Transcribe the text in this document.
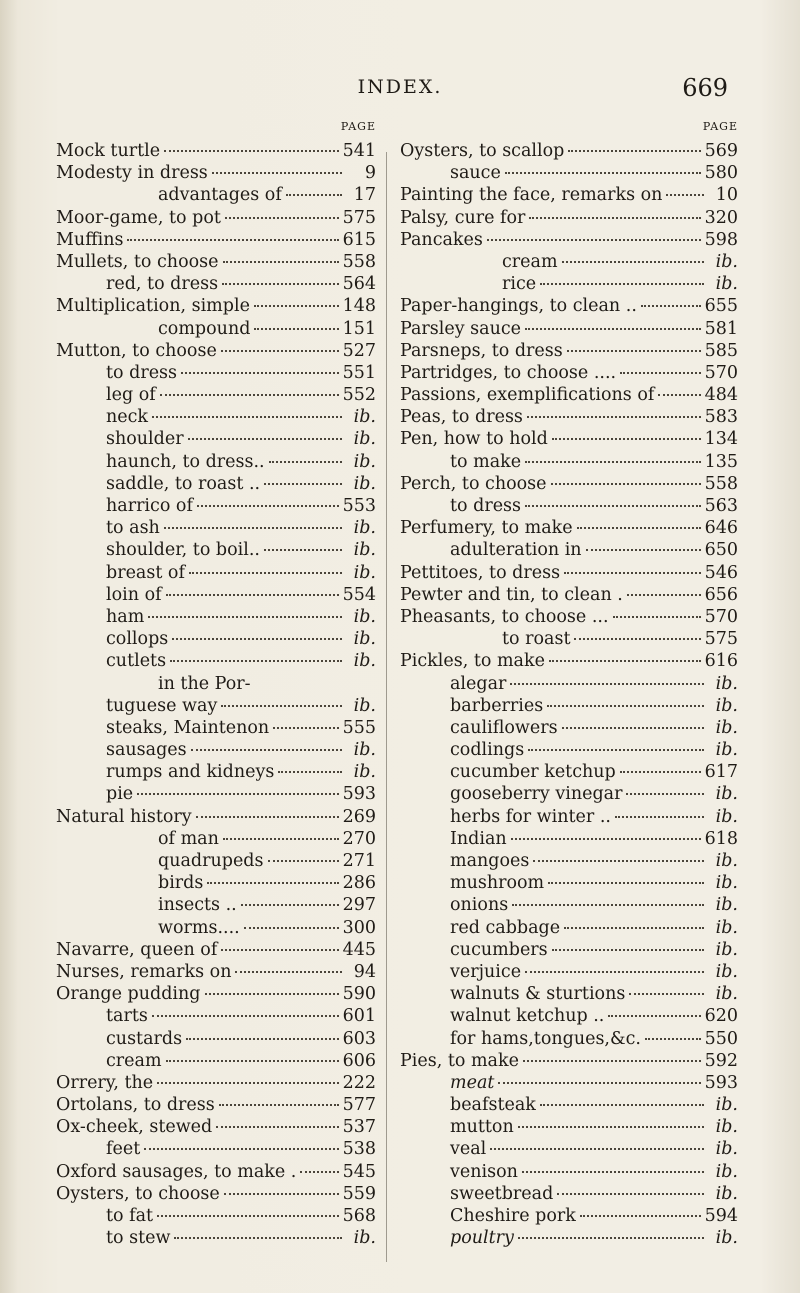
INDEX.	669
PAGE
Mock turtle	541
Modesty in dress	9
advantages of	17
Moor-game, to pot	575
Muffins	615
Mullets, to choose	558
red, to dress	564
Multiplication, simple	148
compound	151
Mutton, to choose	527
to dress	551
leg of	552
neck	ib.
shoulder	ib.
haunch, to dress..	ib.
saddle, to roast ..	ib.
harrico of	553
to ash	ib.
shoulder, to boil..	ib.
breast of	ib.
loin of	554
ham	ib.
collops	ib.
cutlets	ib.
in the Por-
tuguese way	ib.
steaks, Maintenon	555
sausages	ib.
rumps and kidneys	ib.
pie	593
Natural history	269
of man	270
quadrupeds	271
birds	286
insects ..	297
worms....	300
Navarre, queen of	445
Nurses, remarks on	94
Orange pudding	590
tarts	601
custards	603
cream	606
Orrery, the	222
Ortolans, to dress	577
Ox-cheek, stewed	537
feet	538
Oxford sausages, to make .	545
Oysters, to choose	559
to fat	568
to stew	ib.
PAGE
Oysters, to scallop	569
sauce	580
Painting the face, remarks on	10
Palsy, cure for	320
Pancakes	598
cream	ib.
rice	ib.
Paper-hangings, to clean ..	655
Parsley sauce	581
Parsneps, to dress	585
Partridges, to choose ....	570
Passions, exemplifications of	484
Peas, to dress	583
Pen, how to hold	134
to make	135
Perch, to choose	558
to dress	563
Perfumery, to make	646
adulteration in	650
Pettitoes, to dress	546
Pewter and tin, to clean .	656
Pheasants, to choose ...	570
to roast	575
Pickles, to make	616
alegar	ib.
barberries	ib.
cauliflowers	ib.
codlings	ib.
cucumber ketchup	617
gooseberry vinegar	ib.
herbs for winter ..	ib.
Indian	618
mangoes	ib.
mushroom	ib.
onions	ib.
red cabbage	ib.
cucumbers	ib.
verjuice	ib.
walnuts & sturtions	ib.
walnut ketchup ..	620
for hams,tongues,&c.	550
Pies, to make	592
meat	593
beafsteak	ib.
mutton	ib.
veal	ib.
venison	ib.
sweetbread	ib.
Cheshire pork	594
poultry	ib.
